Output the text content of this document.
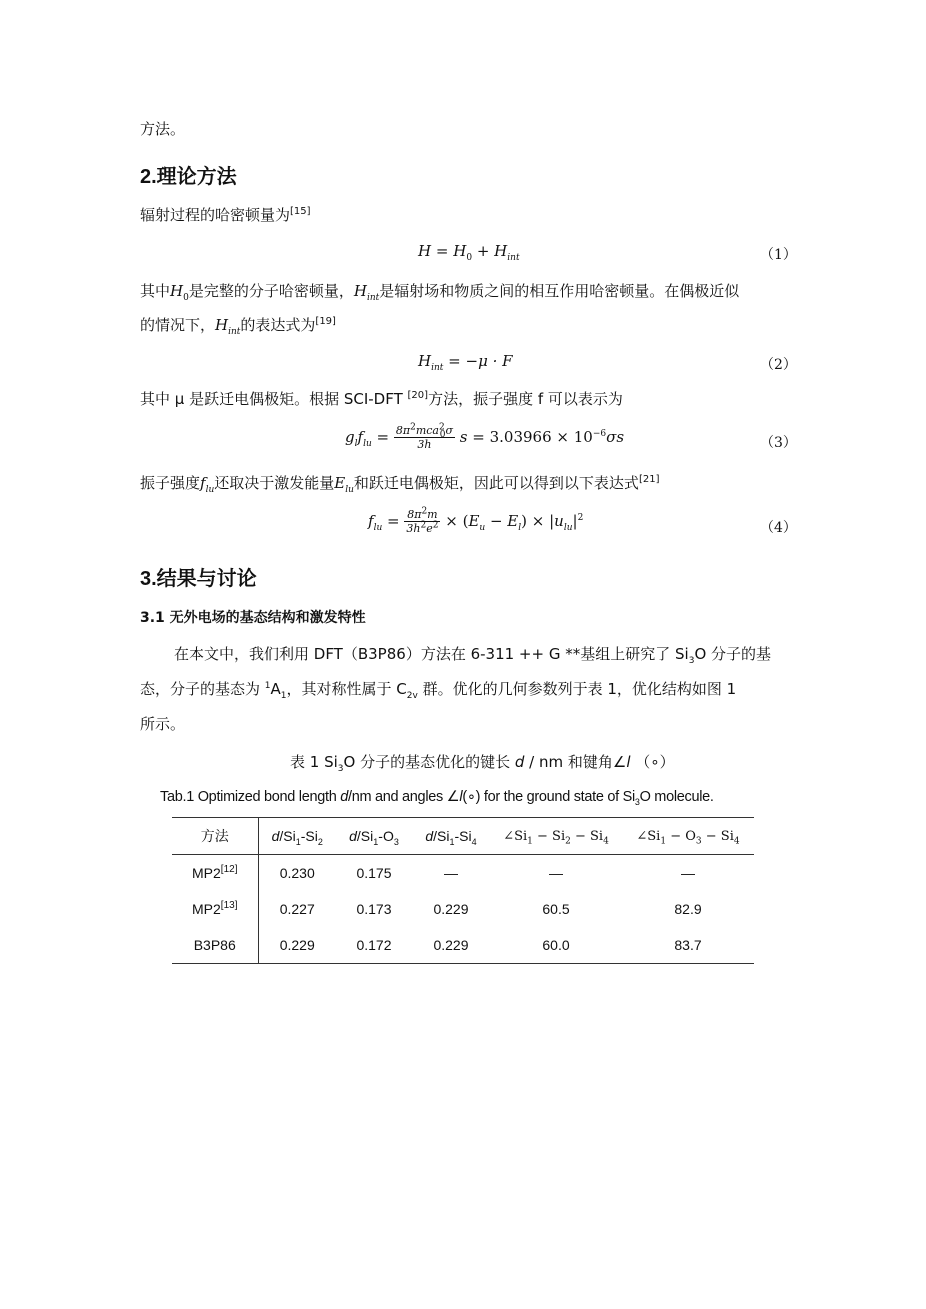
方法。
2.理论方法
辐射过程的哈密顿量为[15]
$H = H_0 + H_{int}$	（1）
其中$H_0$是完整的分子哈密顿量，$H_{int}$是辐射场和物质之间的相互作用哈密顿量。在偶极近似
的情况下，$H_{int}$的表达式为[19]
$H_{int} = -\mu \cdot F$	（2）
其中 μ 是跃迁电偶极矩。根据 SCI-DFT [20]方法，振子强度 f 可以表示为
$g_lf_{lu} = \frac{8\pi^2mca^2_0\sigma}{3h}$ $s = 3.03966 \times 10^{-6}\sigma s$	（3）
振子强度$f_{lu}$还取决于激发能量$E_{lu}$和跃迁电偶极矩，因此可以得到以下表达式[21]
$f_{lu} = \frac{8\pi^2m}{3h^2e^2} \times (E_u - E_l) \times |u_{lu}|^2$
（4）
3.结果与讨论
3.1 无外电场的基态结构和激发特性
在本文中，我们利用 DFT（B3P86）方法在 6-311 ++ G **基组上研究了 $Si_3O$ 分子的基
态，分子的基态为 $^1A_1$，其对称性属于 $C_{2v}$ 群。优化的几何参数列于表 1，优化结构如图 1
所示。
表 1 $Si_3O$ 分子的基态优化的键长 d / nm 和键角∠l （∘）
Tab.1 Optimized bond length d/nm and angles ∠l(∘) for the ground state of $Si_3O$ molecule.
方法	$d/Si_1-Si_2$	$d/Si_1-O_3$	$d/Si_1-Si_4$	$\angle Si_1 - Si_2 - Si_4$	$\angle Si_1 - O_3 - Si_4$
MP2[12]	0.230	0.175	—	—	—
MP2[13]	0.227	0.173	0.229	60.5	82.9
B3P86	0.229	0.172	0.229	60.0	83.7
